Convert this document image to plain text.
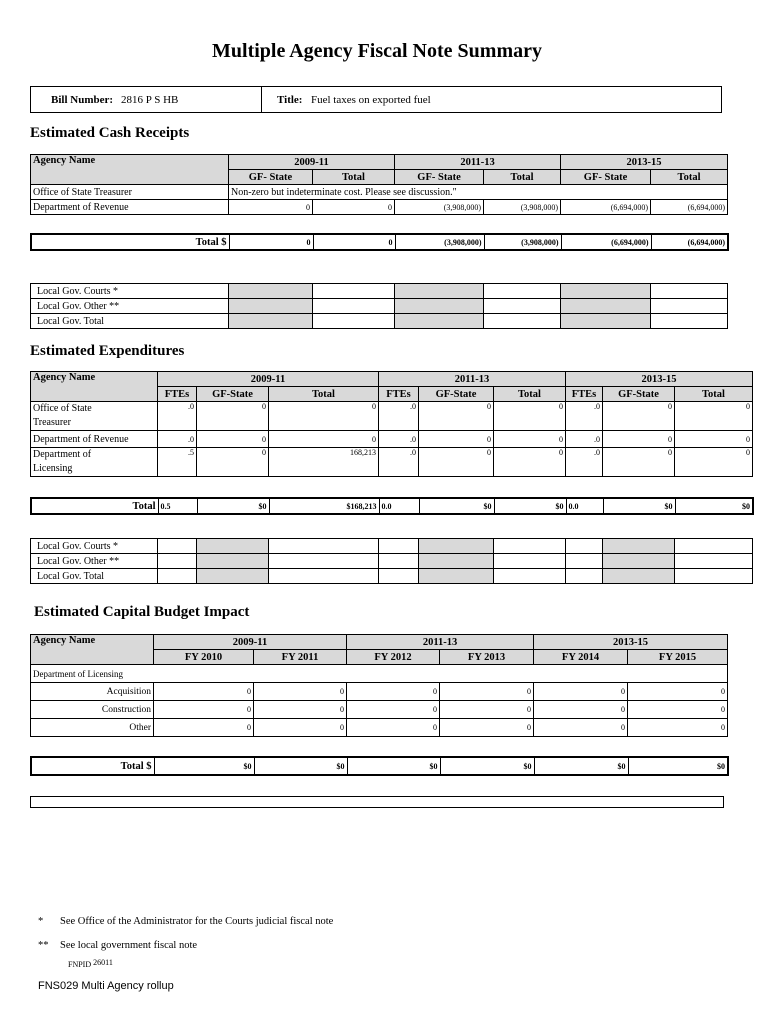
Multiple Agency Fiscal Note Summary
Bill Number: 2816 P S HB	Title: Fuel taxes on exported fuel
Estimated Cash Receipts
Agency Name	2009-11		2011-13		2013-15	
	GF- State	Total	GF- State	Total	GF- State	Total
Office of State Treasurer	Non-zero but indeterminate cost. Please see discussion."					
Department of Revenue	0	0	(3,908,000)	(3,908,000)	(6,694,000)	(6,694,000)
Total $	0	0	(3,908,000)	(3,908,000)	(6,694,000)	(6,694,000)
Local Gov. Courts *						
Local Gov. Other **						
Local Gov. Total						
Estimated Expenditures
Agency Name	2009-11			2011-13			2013-15		
	FTEs	GF-State	Total	FTEs	GF-State	Total	FTEs	GF-State	Total
Office of State
Treasurer	.0	0	0	.0	0	0	.0	0	0
Department of Revenue	.0	0	0	.0	0	0	.0	0	0
Department of
Licensing	.5	0	168,213	.0	0	0	.0	0	0
Total	0.5	$0	$168,213	0.0	$0	$0	0.0	$0	$0
Local Gov. Courts *									
Local Gov. Other **									
Local Gov. Total									
Estimated Capital Budget Impact
Agency Name	2009-11		2011-13		2013-15	
	FY 2010	FY 2011	FY 2012	FY 2013	FY 2014	FY 2015
Department of Licensing						
Acquisition	0	0	0	0	0	0
Construction	0	0	0	0	0	0
Other	0	0	0	0	0	0
Total $	$0	$0	$0	$0	$0	$0
* See Office of the Administrator for the Courts judicial fiscal note
** See local government fiscal note
FNPID 26011
FNS029 Multi Agency rollup
